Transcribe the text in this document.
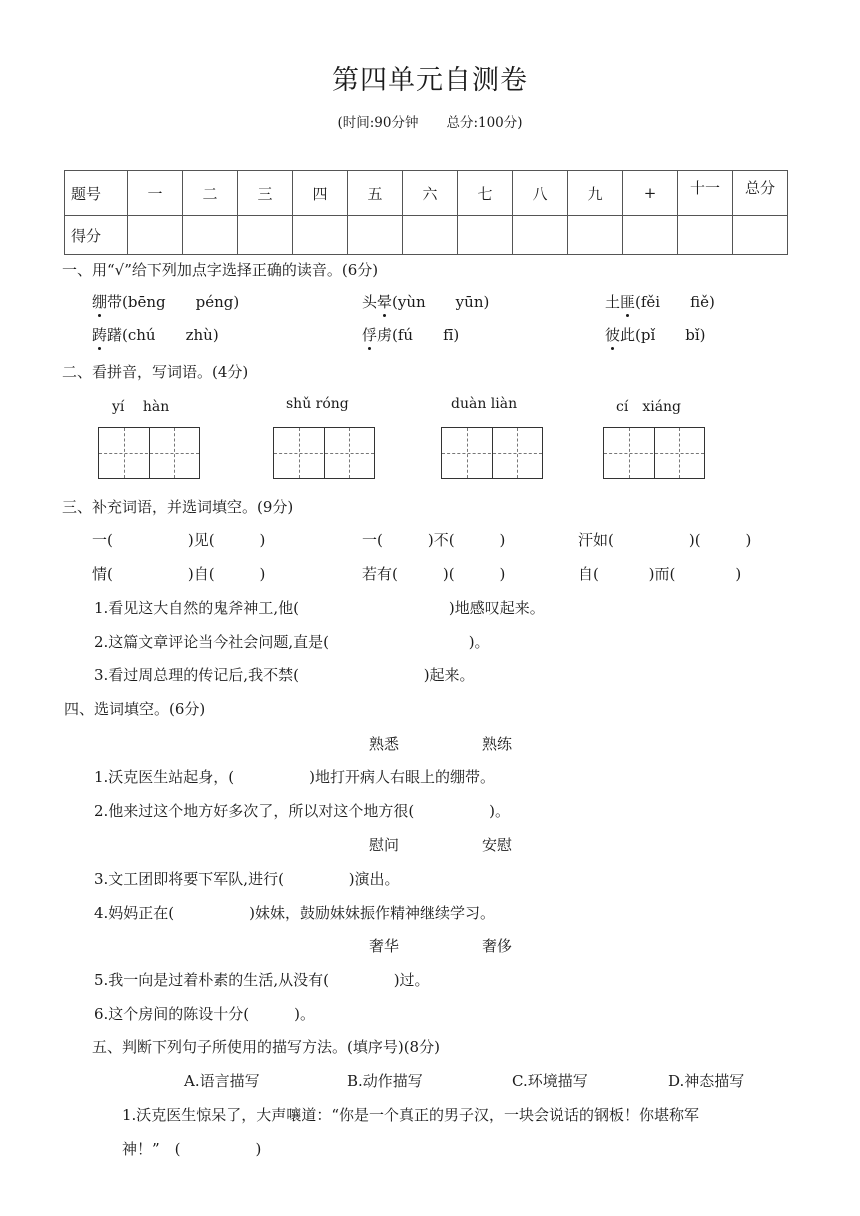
第四单元自测卷
(时间:90分钟 总分:100分)
题号	一	二	三	四	五	六	七	八	九	+	十一	总分
得分												
一、用“√”给下列加点字选择正确的读音。(6分)
绷带(bēng　　péng)	头晕(yùn　　yūn)	土匪(fěi　　fiě)
踌躇(chú　　zhù)	俘虏(fú　　fī)	彼此(pǐ　　bǐ)
二、看拼音，写词语。(4分)
yí　 hàn	shǔ róng	duàn liàn	cí　xiáng
三、补充词语，并选词填空。(9分)
一(　　　　　)见(　　　)	一(　　　)不(　　　)	汗如(　　　　　)(　　　)
情(　　　　　)自(　　　)	若有(　　　)(　　　)	自(　　　 )而(　　　　)
1.看见这大自然的鬼斧神工,他(　　　　　　　　　　)地感叹起来。
2.这篇文章评论当今社会问题,直是(　　　　　　　　　 )。
3.看过周总理的传记后,我不禁(　　　　　　　　 )起来。
四、选词填空。(6分)
熟悉	熟练
1.沃克医生站起身，(　　　　　)地打开病人右眼上的绷带。
2.他来过这个地方好多次了，所以对这个地方很(　　　　　)。
慰问	安慰
3.文工团即将要下军队,进行(　　　　 )演出。
4.妈妈正在(　　　　　)妹妹，鼓励妹妹振作精神继续学习。
奢华	奢侈
5.我一向是过着朴素的生活,从没有(　　　　 )过。
6.这个房间的陈设十分(　　　)。
五、判断下列句子所使用的描写方法。(填序号)(8分)
A.语言描写	B.动作描写	C.环境描写	D.神态描写
1.沃克医生惊呆了，大声嚷道：“你是一个真正的男子汉，一块会说话的钢板！你堪称军
神！”　(　　　　　)
